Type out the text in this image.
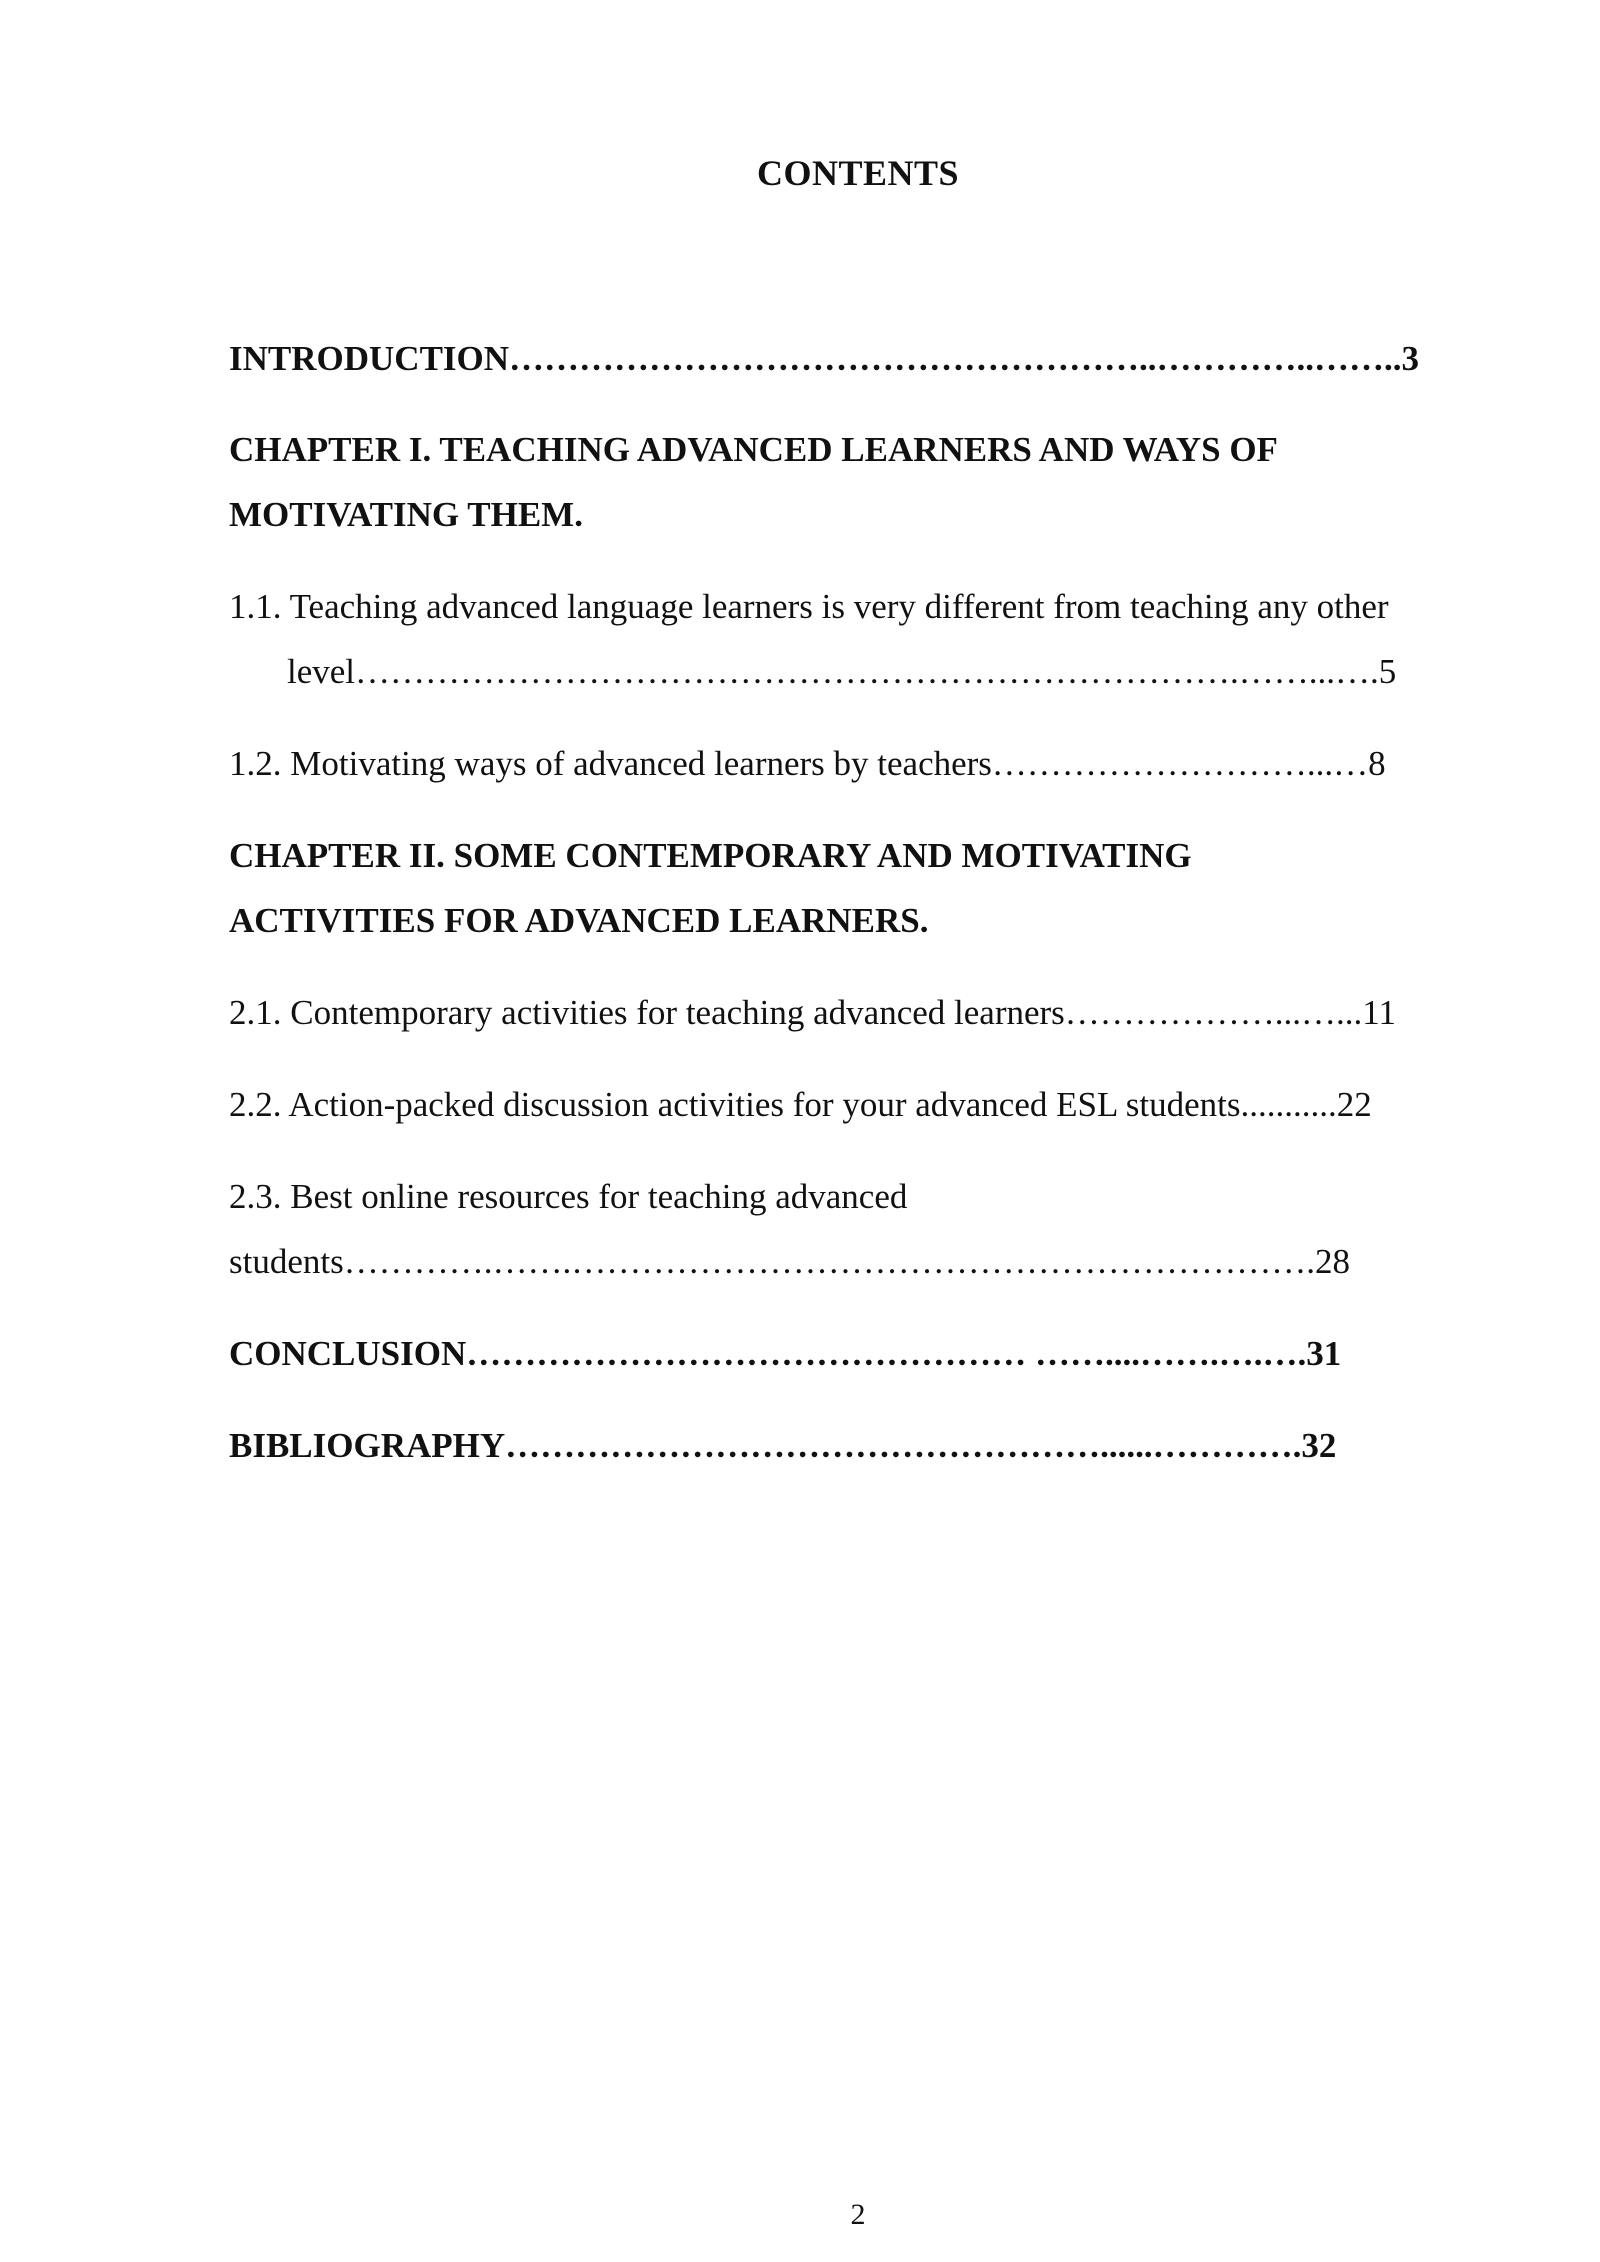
CONTENTS
INTRODUCTION………………………………………………..…………..……..3
CHAPTER I. TEACHING ADVANCED LEARNERS AND WAYS OF
MOTIVATING THEM.
1.1. Teaching advanced language learners is very different from teaching any other
level………………………………………………………………….……...….5
1.2. Motivating ways of advanced learners by teachers………………………...…8
CHAPTER II. SOME CONTEMPORARY AND MOTIVATING
ACTIVITIES FOR ADVANCED LEARNERS.
2.1. Contemporary activities for teaching advanced learners………………...…...11
2.2. Action-packed discussion activities for your advanced ESL students...........22
2.3. Best online resources for teaching advanced
students………….…….……………………………………………………….28
CONCLUSION………………………………………… ……....…….….….31
BIBLIOGRAPHY……………………………………………......………….32
2
